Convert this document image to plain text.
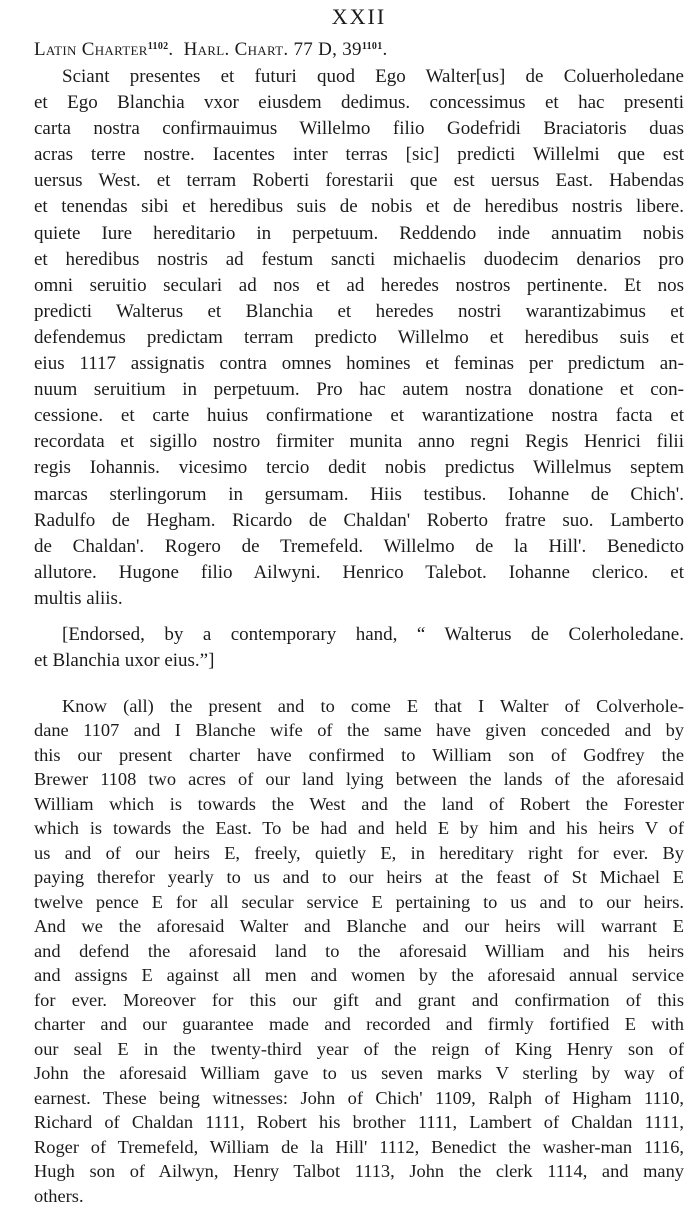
XXII
Latin Charter$^{1102}$.  Harl. Chart. 77 D, $39^{1101}$.
Sciant presentes et futuri quod Ego Walter[us] de Coluerholedane
et Ego Blanchia vxor eiusdem dedimus. concessimus et hac presenti
carta nostra confirmauimus Willelmo filio Godefridi Braciatoris duas
acras terre nostre. Iacentes inter terras [sic] predicti Willelmi que est
uersus West. et terram Roberti forestarii que est uersus East. Habendas
et tenendas sibi et heredibus suis de nobis et de heredibus nostris libere.
quiete Iure hereditario in perpetuum. Reddendo inde annuatim nobis
et heredibus nostris ad festum sancti michaelis duodecim denarios pro
omni seruitio seculari ad nos et ad heredes nostros pertinente. Et nos
predicti Walterus et Blanchia et heredes nostri warantizabimus et
defendemus predictam terram predicto Willelmo et heredibus suis et
eius 1117 assignatis contra omnes homines et feminas per predictum an-
nuum seruitium in perpetuum. Pro hac autem nostra donatione et con-
cessione. et carte huius confirmatione et warantizatione nostra facta et
recordata et sigillo nostro firmiter munita anno regni Regis Henrici filii
regis Iohannis. vicesimo tercio dedit nobis predictus Willelmus septem
marcas sterlingorum in gersumam. Hiis testibus. Iohanne de Chich'.
Radulfo de Hegham. Ricardo de Chaldan' Roberto fratre suo. Lamberto
de Chaldan'. Rogero de Tremefeld. Willelmo de la Hill'. Benedicto
allutore. Hugone filio Ailwyni. Henrico Talebot. Iohanne clerico. et
multis aliis.
[Endorsed, by a contemporary hand, “ Walterus de Colerholedane.
et Blanchia uxor eius.”]
Know (all) the present and to come E that I Walter of Colverhole-
dane 1107 and I Blanche wife of the same have given conceded and by
this our present charter have confirmed to William son of Godfrey the
Brewer 1108 two acres of our land lying between the lands of the aforesaid
William which is towards the West and the land of Robert the Forester
which is towards the East. To be had and held E by him and his heirs V of
us and of our heirs E, freely, quietly E, in hereditary right for ever. By
paying therefor yearly to us and to our heirs at the feast of St Michael E
twelve pence E for all secular service E pertaining to us and to our heirs.
And we the aforesaid Walter and Blanche and our heirs will warrant E
and defend the aforesaid land to the aforesaid William and his heirs
and assigns E against all men and women by the aforesaid annual service
for ever. Moreover for this our gift and grant and confirmation of this
charter and our guarantee made and recorded and firmly fortified E with
our seal E in the twenty-third year of the reign of King Henry son of
John the aforesaid William gave to us seven marks V sterling by way of
earnest. These being witnesses: John of Chich' 1109, Ralph of Higham 1110,
Richard of Chaldan 1111, Robert his brother 1111, Lambert of Chaldan 1111,
Roger of Tremefeld, William de la Hill' 1112, Benedict the washer-man 1116,
Hugh son of Ailwyn, Henry Talbot 1113, John the clerk 1114, and many
others.
